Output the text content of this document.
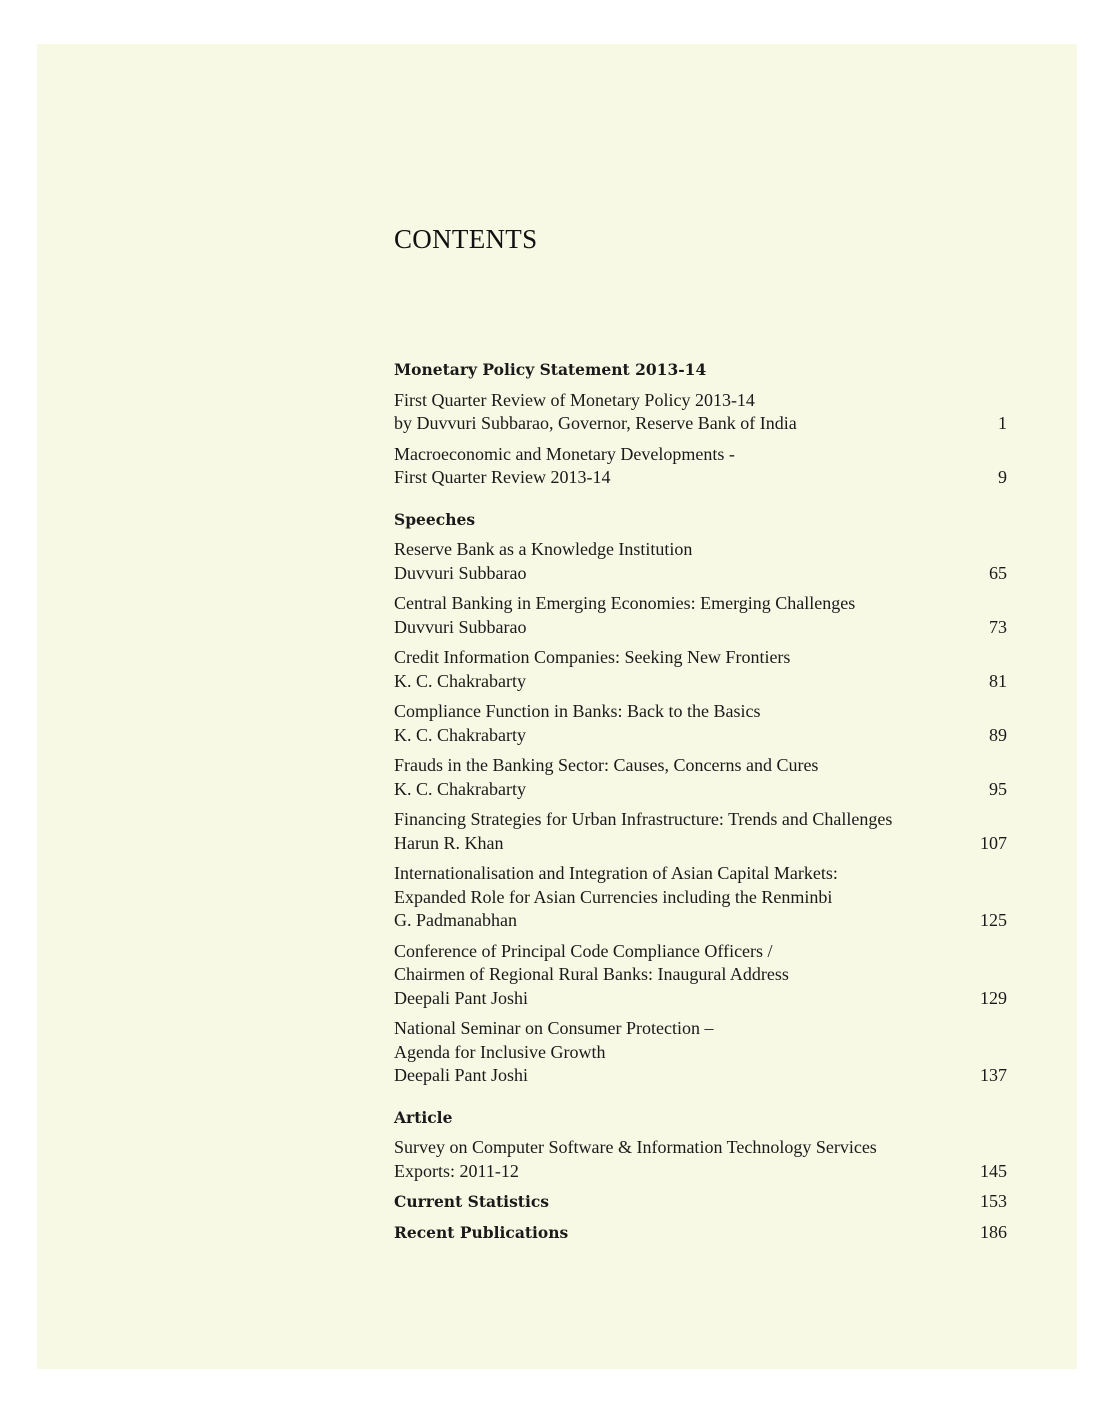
CONTENTS
Monetary Policy Statement 2013-14
First Quarter Review of Monetary Policy 2013-14
by Duvvuri Subbarao, Governor, Reserve Bank of India	1
Macroeconomic and Monetary Developments -
First Quarter Review 2013-14	9
Speeches
Reserve Bank as a Knowledge Institution
Duvvuri Subbarao	65
Central Banking in Emerging Economies: Emerging Challenges
Duvvuri Subbarao	73
Credit Information Companies: Seeking New Frontiers
K. C. Chakrabarty	81
Compliance Function in Banks: Back to the Basics
K. C. Chakrabarty	89
Frauds in the Banking Sector: Causes, Concerns and Cures
K. C. Chakrabarty	95
Financing Strategies for Urban Infrastructure: Trends and Challenges
Harun R. Khan	107
Internationalisation and Integration of Asian Capital Markets:
Expanded Role for Asian Currencies including the Renminbi
G. Padmanabhan	125
Conference of Principal Code Compliance Officers /
Chairmen of Regional Rural Banks: Inaugural Address
Deepali Pant Joshi	129
National Seminar on Consumer Protection –
Agenda for Inclusive Growth
Deepali Pant Joshi	137
Article
Survey on Computer Software & Information Technology Services
Exports: 2011-12	145
Current Statistics	153
Recent Publications	186
